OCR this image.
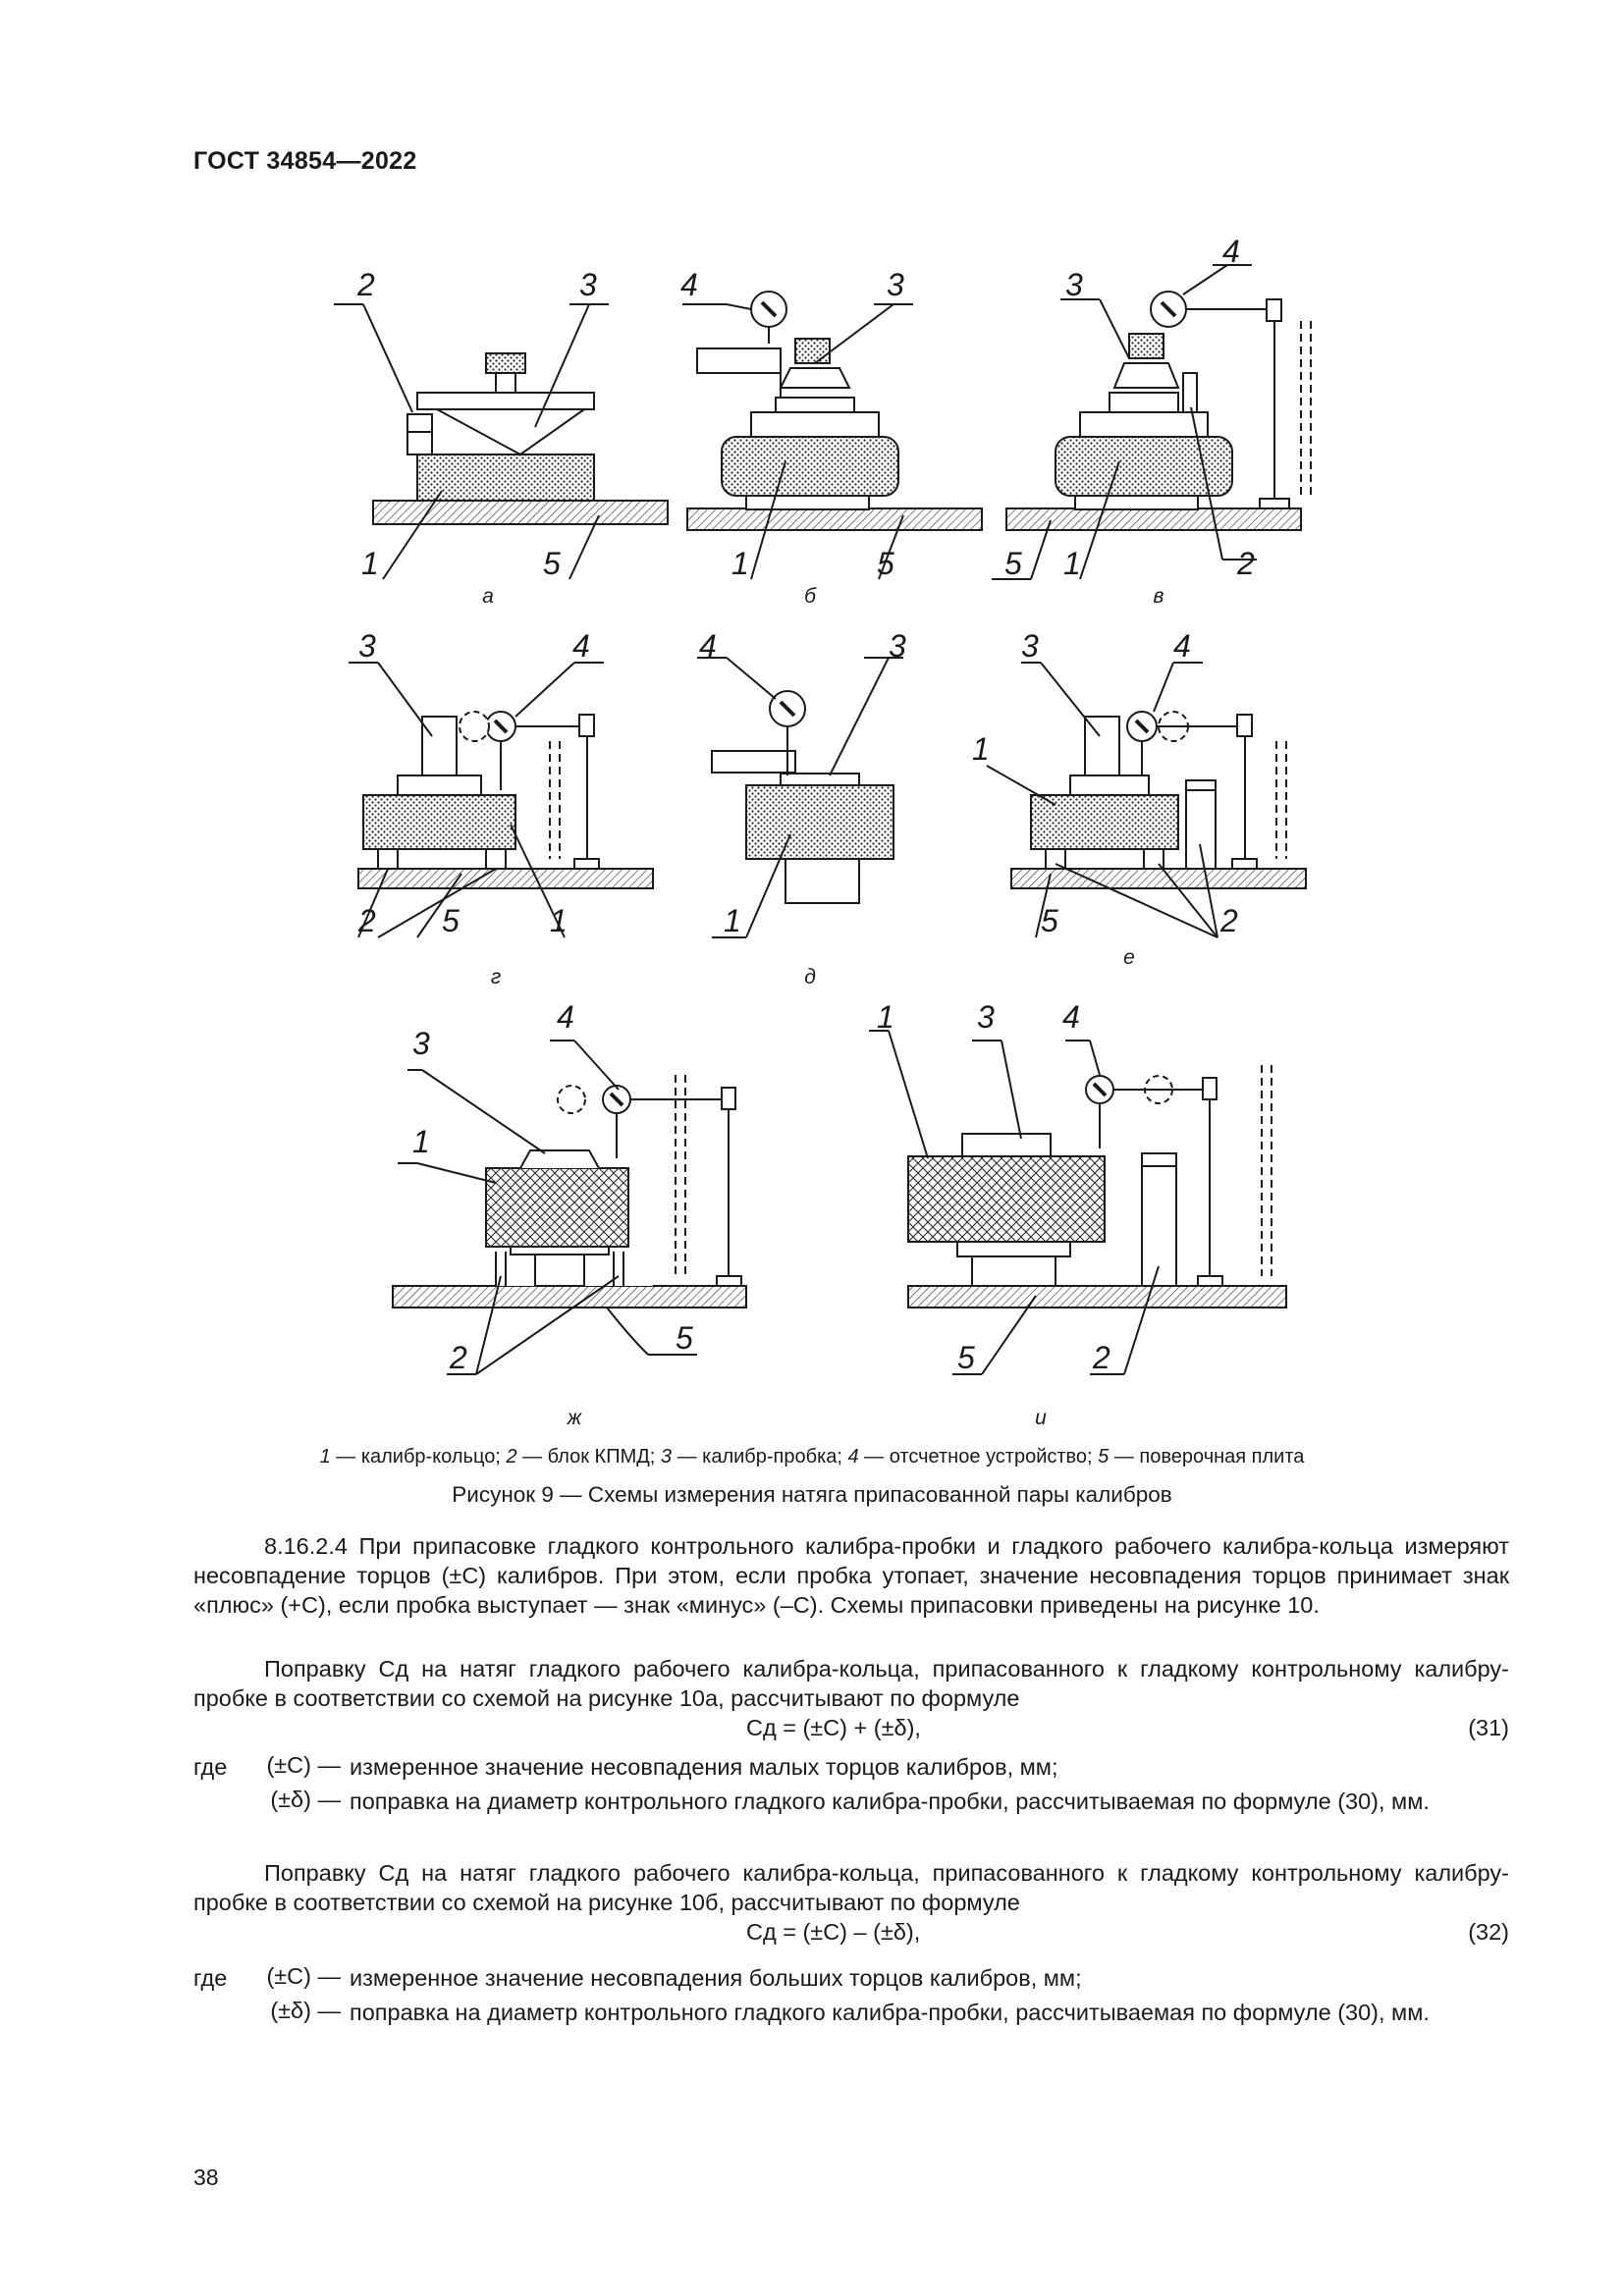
ГОСТ 34854—2022
2	3
1	5
4	3
1	5
3
4
5 1	2
3	4
2 5	1
4	3
1
3	4
1
5	2
3
4
1
2
5
1	3 4
5	2
а	б	в
г	д
е
ж	и
1 — калибр-кольцо; 2 — блок КПМД; 3 — калибр-пробка; 4 — отсчетное устройство; 5 — поверочная плита
Рисунок 9 — Схемы измерения натяга припасованной пары калибров
8.16.2.4 При припасовке гладкого контрольного калибра-пробки и гладкого рабочего калибра-кольца измеряют несовпадение торцов (±C) калибров. При этом, если пробка утопает, значение несовпадения торцов принимает знак «плюс» (+C), если пробка выступает — знак «минус» (–C). Схемы припасовки приведены на рисунке 10.
Поправку Cд на натяг гладкого рабочего калибра-кольца, припасованного к гладкому контрольному калибру-пробке в соответствии со схемой на рисунке 10а, рассчитывают по формуле
Cд = (±C) + (±δ),	(31)
где	(±C) — измеренное значение несовпадения малых торцов калибров, мм;
(±δ) — поправка на диаметр контрольного гладкого калибра-пробки, рассчитываемая по формуле (30), мм.
Поправку Cд на натяг гладкого рабочего калибра-кольца, припасованного к гладкому контрольному калибру-пробке в соответствии со схемой на рисунке 10б, рассчитывают по формуле
Cд = (±C) – (±δ),	(32)
где	(±C) — измеренное значение несовпадения больших торцов калибров, мм;
(±δ) — поправка на диаметр контрольного гладкого калибра-пробки, рассчитываемая по формуле (30), мм.
38
